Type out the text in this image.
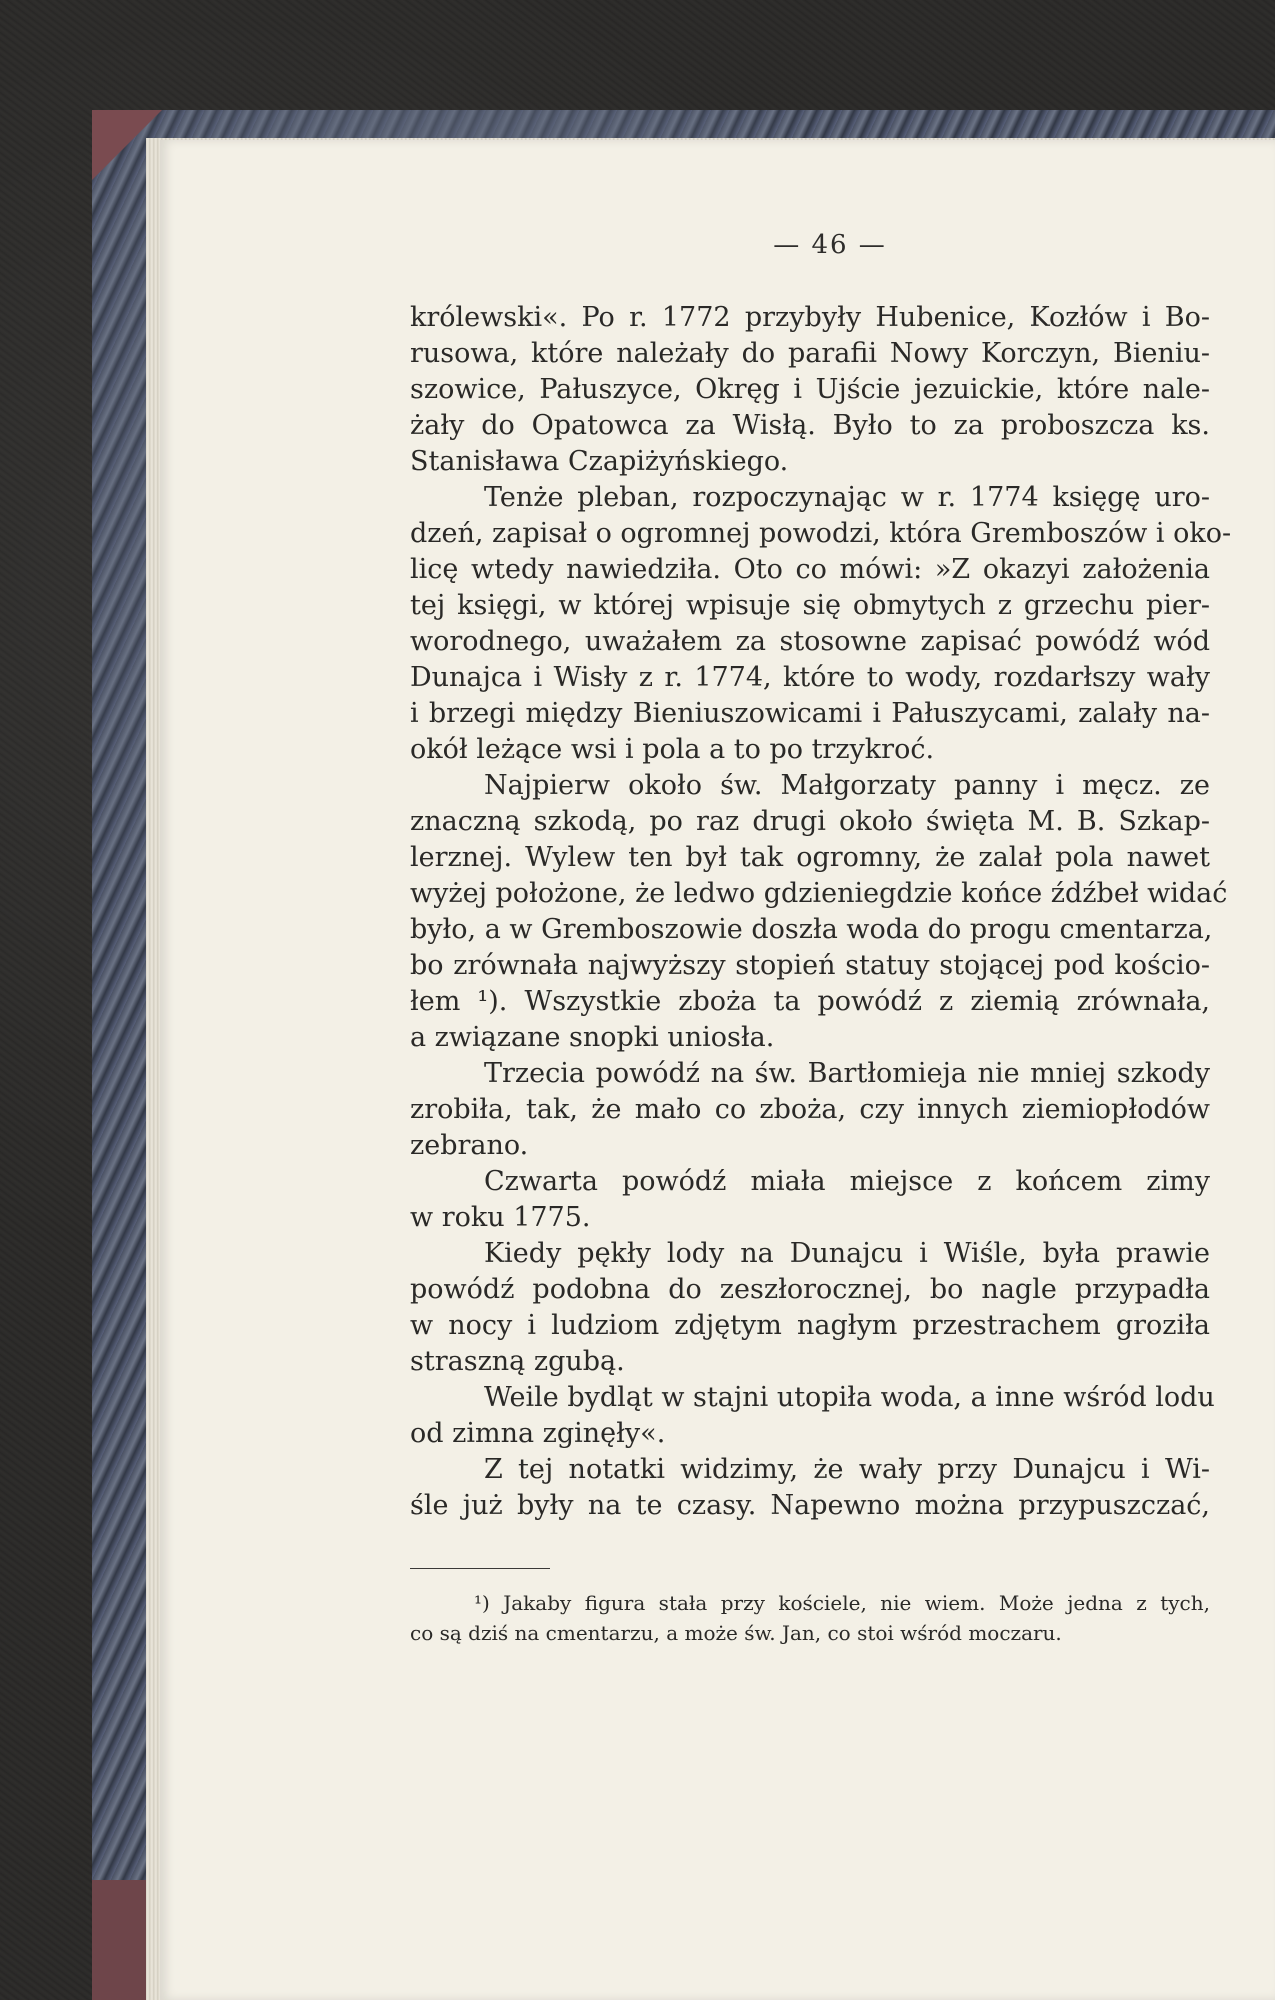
— 46 —
królewski«. Po r. 1772 przybyły Hubenice, Kozłów i Bo-
rusowa, które należały do parafii Nowy Korczyn, Bieniu-
szowice, Pałuszyce, Okręg i Ujście jezuickie, które nale-
żały do Opatowca za Wisłą. Było to za proboszcza ks.
Stanisława Czapiżyńskiego.
Tenże pleban, rozpoczynając w r. 1774 księgę uro-
dzeń, zapisał o ogromnej powodzi, która Gremboszów i oko-
licę wtedy nawiedziła. Oto co mówi: »Z okazyi założenia
tej księgi, w której wpisuje się obmytych z grzechu pier-
worodnego, uważałem za stosowne zapisać powódź wód
Dunajca i Wisły z r. 1774, które to wody, rozdarłszy wały
i brzegi między Bieniuszowicami i Pałuszycami, zalały na-
okół leżące wsi i pola a to po trzykroć.
Najpierw około św. Małgorzaty panny i męcz. ze
znaczną szkodą, po raz drugi około święta M. B. Szkap-
lerznej. Wylew ten był tak ogromny, że zalał pola nawet
wyżej położone, że ledwo gdzieniegdzie końce źdźbeł widać
było, a w Gremboszowie doszła woda do progu cmentarza,
bo zrównała najwyższy stopień statuy stojącej pod kościo-
łem ¹). Wszystkie zboża ta powódź z ziemią zrównała,
a związane snopki uniosła.
Trzecia powódź na św. Bartłomieja nie mniej szkody
zrobiła, tak, że mało co zboża, czy innych ziemiopłodów
zebrano.
Czwarta powódź miała miejsce z końcem zimy
w roku 1775.
Kiedy pękły lody na Dunajcu i Wiśle, była prawie
powódź podobna do zeszłorocznej, bo nagle przypadła
w nocy i ludziom zdjętym nagłym przestrachem groziła
straszną zgubą.
Weile bydląt w stajni utopiła woda, a inne wśród lodu
od zimna zginęły«.
Z tej notatki widzimy, że wały przy Dunajcu i Wi-
śle już były na te czasy. Napewno można przypuszczać,
¹) Jakaby figura stała przy kościele, nie wiem. Może jedna z tych,
co są dziś na cmentarzu, a może św. Jan, co stoi wśród moczaru.
